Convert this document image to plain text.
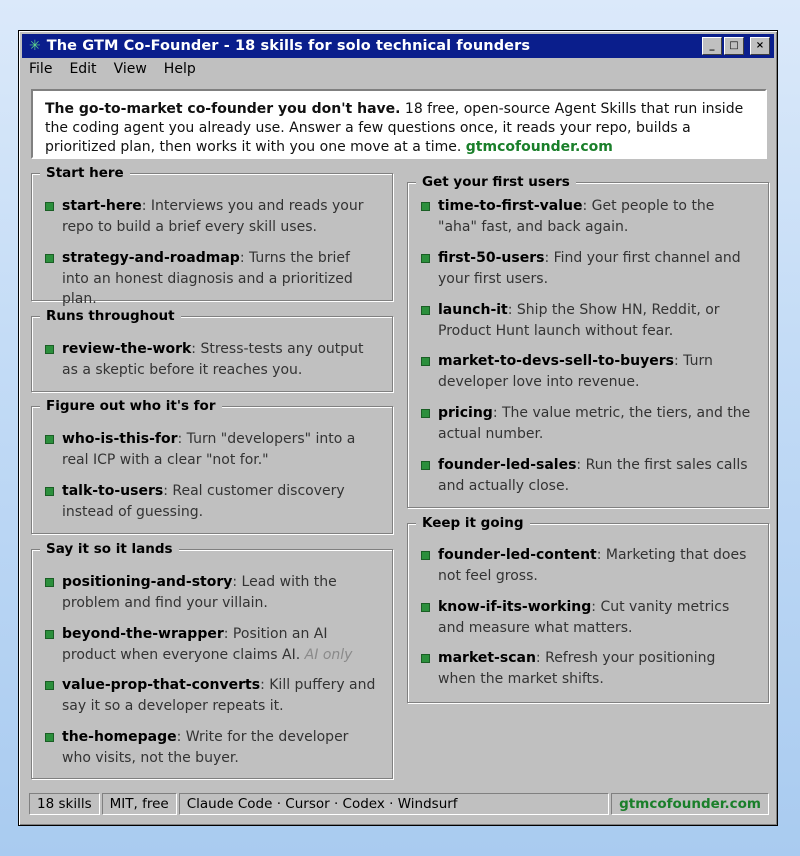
✳ The GTM Co-Founder - 18 skills for solo technical founders	_	□	×
File Edit View Help
The go-to-market co-founder you don't have. 18 free, open-source Agent Skills that run inside the coding agent you already use. Answer a few questions once, it reads your repo, builds a prioritized plan, then works it with you one move at a time. gtmcofounder.com
Start here
start-here: Interviews you and reads your repo to build a brief every skill uses.
strategy-and-roadmap: Turns the brief into an honest diagnosis and a prioritized plan.
Runs throughout
review-the-work: Stress-tests any output as a skeptic before it reaches you.
Figure out who it's for
who-is-this-for: Turn "developers" into a real ICP with a clear "not for."
talk-to-users: Real customer discovery instead of guessing.
Say it so it lands
positioning-and-story: Lead with the problem and find your villain.
beyond-the-wrapper: Position an AI product when everyone claims AI. AI only
value-prop-that-converts: Kill puffery and say it so a developer repeats it.
the-homepage: Write for the developer who visits, not the buyer.
Get your first users
time-to-first-value: Get people to the "aha" fast, and back again.
first-50-users: Find your first channel and your first users.
launch-it: Ship the Show HN, Reddit, or Product Hunt launch without fear.
market-to-devs-sell-to-buyers: Turn developer love into revenue.
pricing: The value metric, the tiers, and the actual number.
founder-led-sales: Run the first sales calls and actually close.
Keep it going
founder-led-content: Marketing that does not feel gross.
know-if-its-working: Cut vanity metrics and measure what matters.
market-scan: Refresh your positioning when the market shifts.
18 skills	MIT, free	Claude Code · Cursor · Codex · Windsurf	gtmcofounder.com
